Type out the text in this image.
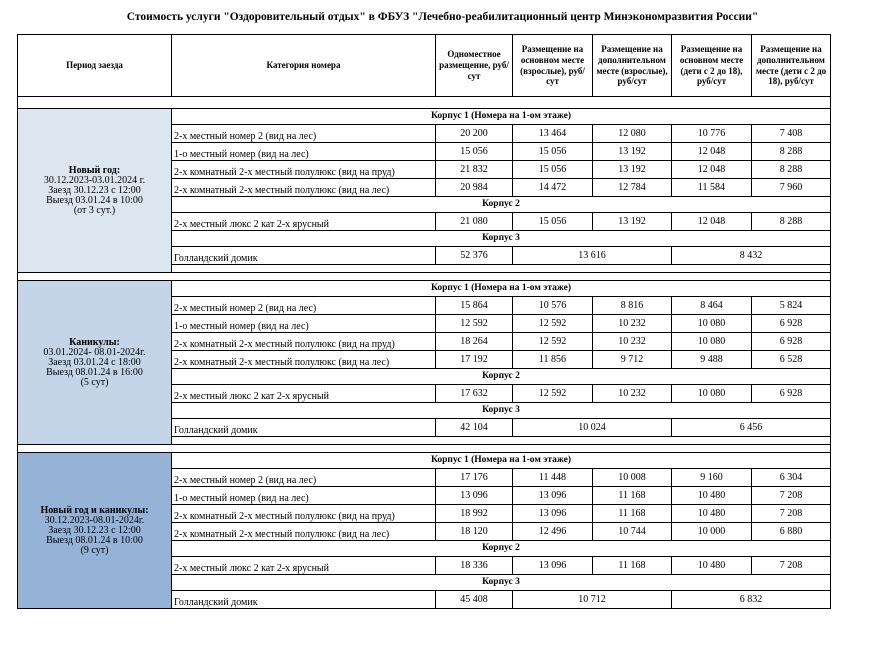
Стоимость услуги "Оздоровительный отдых" в ФБУЗ "Лечебно-реабилитационный центр Минэкономразвития России"
Период заезда	Категория номера	Одноместное размещение, руб/сут	Размещение на основном месте (взрослые), руб/сут	Размещение на дополнительном месте (взрослые), руб/сут	Размещение на основном месте (дети с 2 до 18), руб/сут	Размещение на дополнительном месте (дети с 2 до 18), руб/сут

Новый год:
30.12.2023-03.01.2024 г.
Заезд 30.12.23 с 12:00
Выезд 03.01.24 в 10:00
(от 3 сут.)	Корпус 1 (Номера на 1-ом этаже)					
	2-х местный номер 2 (вид на лес)	20 200	13 464	12 080	10 776	7 408
	1-о местный номер (вид на лес)	15 056	15 056	13 192	12 048	8 288
	2-х комнатный 2-х местный полулюкс (вид на пруд)	21 832	15 056	13 192	12 048	8 288
	2-х комнатный 2-х местный полулюкс (вид на лес)	20 984	14 472	12 784	11 584	7 960
	Корпус 2					
	2-х местный люкс 2 кат 2-х ярусный	21 080	15 056	13 192	12 048	8 288
	Корпус 3					
	Голландский домик	52 376	13 616		8 432	

Каникулы:
03.01.2024- 08.01-2024г.
Заезд 03.01.24 с 18:00
Выезд 08.01.24 в 16:00
(5 сут)	Корпус 1 (Номера на 1-ом этаже)					
	2-х местный номер 2 (вид на лес)	15 864	10 576	8 816	8 464	5 824
	1-о местный номер (вид на лес)	12 592	12 592	10 232	10 080	6 928
	2-х комнатный 2-х местный полулюкс (вид на пруд)	18 264	12 592	10 232	10 080	6 928
	2-х комнатный 2-х местный полулюкс (вид на лес)	17 192	11 856	9 712	9 488	6 528
	Корпус 2					
	2-х местный люкс 2 кат 2-х ярусный	17 632	12 592	10 232	10 080	6 928
	Корпус 3					
	Голландский домик	42 104	10 024		6 456	

Новый год и каникулы:
30.12.2023-08.01-2024г.
Заезд 30.12.23 с 12:00
Выезд 08.01.24 в 10:00
(9 сут)	Корпус 1 (Номера на 1-ом этаже)					
	2-х местный номер 2 (вид на лес)	17 176	11 448	10 008	9 160	6 304
	1-о местный номер (вид на лес)	13 096	13 096	11 168	10 480	7 208
	2-х комнатный 2-х местный полулюкс (вид на пруд)	18 992	13 096	11 168	10 480	7 208
	2-х комнатный 2-х местный полулюкс (вид на лес)	18 120	12 496	10 744	10 000	6 880
	Корпус 2					
	2-х местный люкс 2 кат 2-х ярусный	18 336	13 096	11 168	10 480	7 208
	Корпус 3					
	Голландский домик	45 408	10 712		6 832	
